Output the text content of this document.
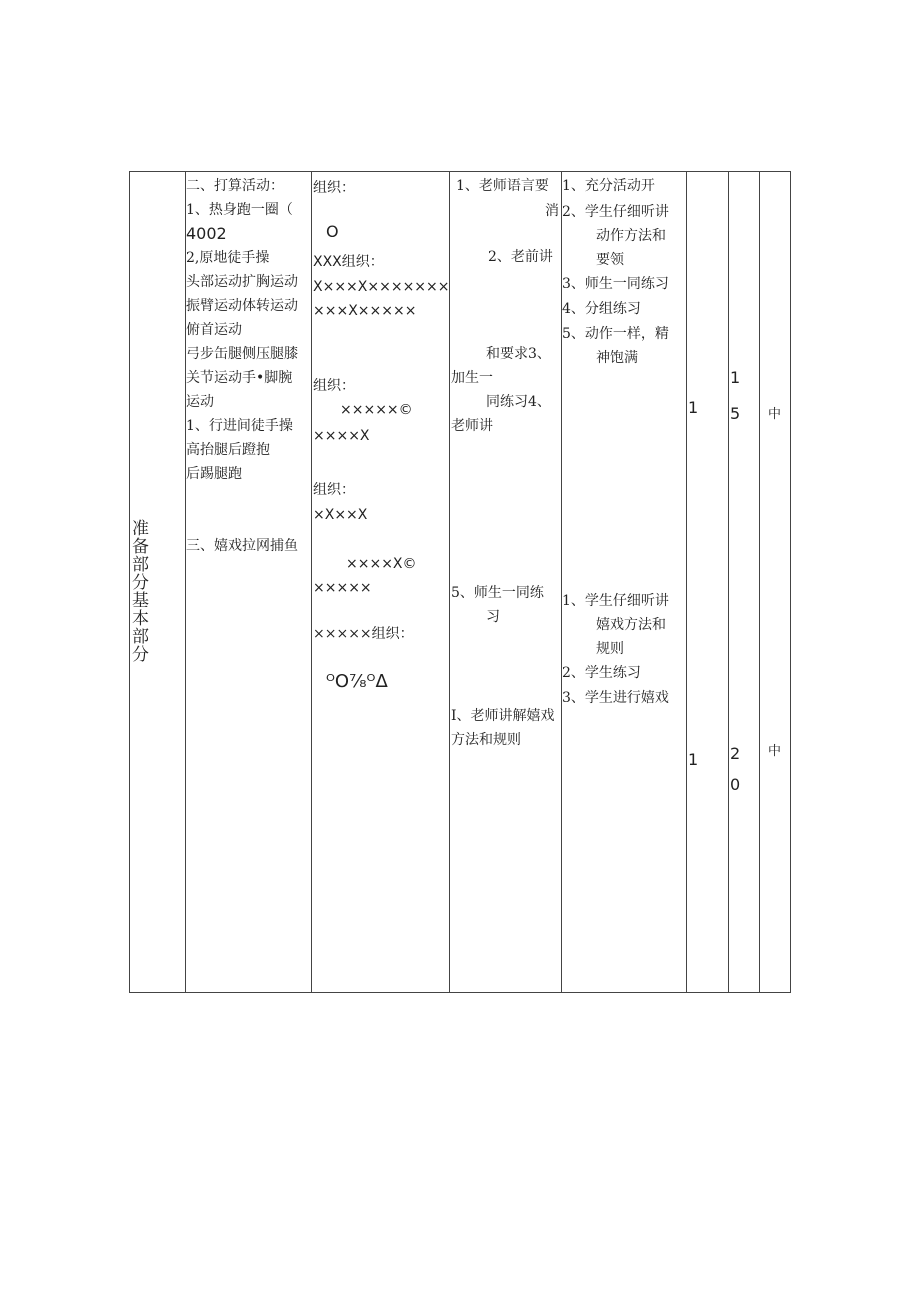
准备部分基本部分
二、打算活动：
1、热身跑一圈（
4002
2,原地徒手操
头部运动扩胸运动
振臂运动体转运动
俯首运动
弓步缶腿侧压腿膝
关节运动手•脚腕
运动
1、行进间徒手操
高抬腿后蹬抱
后踢腿跑
三、嬉戏拉网捕鱼
组织：
O
XXX组织：
X×××X×××××××
×××X×××××
组织：
×××××©
××××X
组织：
×X××X
××××X©
×××××
×××××组织：
ᴼO⁷⁄₈ᴼΔ
1、老师语言要
消
2、老前讲
和要求3、
加生一
同练习4、
老师讲
5、师生一同练
习
I、老师讲解嬉戏
方法和规则
1、充分活动开
2、学生仔细听讲
动作方法和
要领
3、师生一同练习
4、分组练习
5、动作一样，精
神饱满
1、学生仔细听讲
嬉戏方法和
规则
2、学生练习
3、学生进行嬉戏
1
1
1
5
2
0
中
中
